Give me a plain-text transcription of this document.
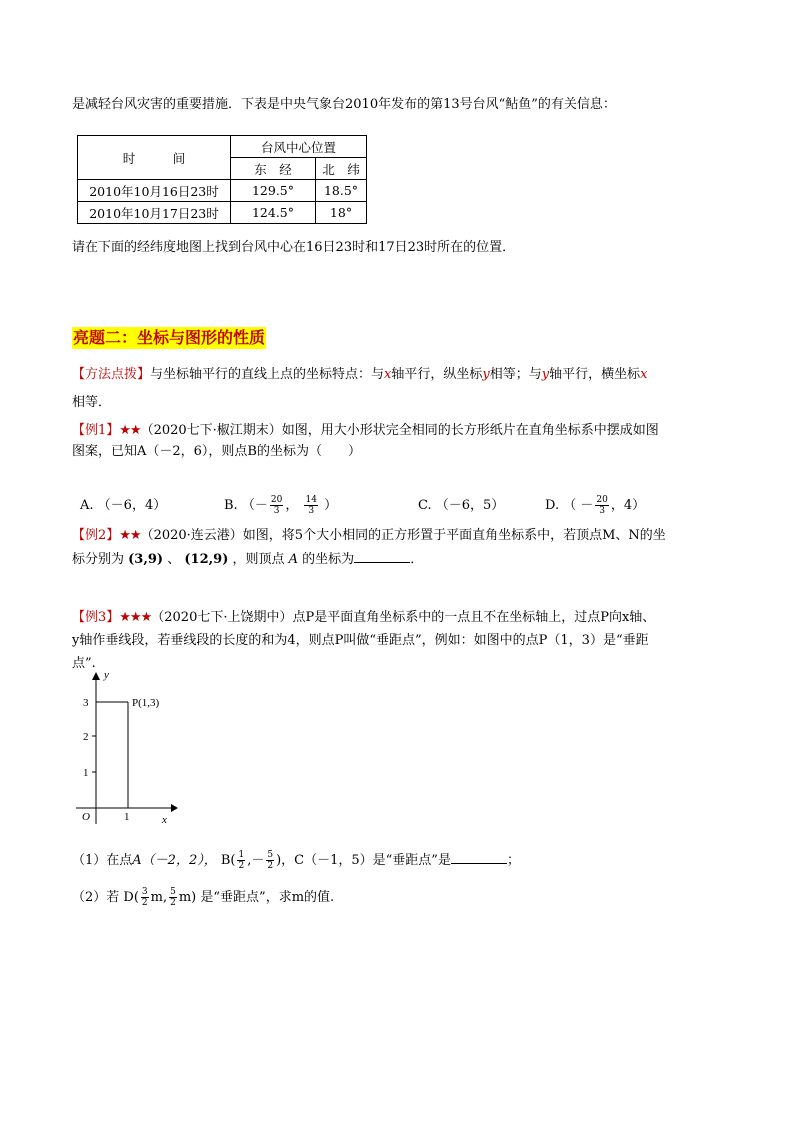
是减轻台风灾害的重要措施．下表是中央气象台2010年发布的第13号台风“鲇鱼”的有关信息：
时　　　间	台风中心位置	
	东　经	北　纬
2010年10月16日23时	129.5°	18.5°
2010年10月17日23时	124.5°	18°
请在下面的经纬度地图上找到台风中心在16日23时和17日23时所在的位置．
亮题二：坐标与图形的性质
【方法点拨】与坐标轴平行的直线上点的坐标特点：与x轴平行，纵坐标y相等；与y轴平行，横坐标x
相等．
【例1】★★（2020七下·椒江期末）如图，用大小形状完全相同的长方形纸片在直角坐标系中摆成如图
图案，已知A（－2，6），则点B的坐标为（　　）
A. （－6，4）	B. （－ $\frac{20}{3}$ ， $\frac{14}{3}$ ）	C. （－6，5）	D. （ － $\frac{20}{3}$ ，4）
【例2】★★（2020·连云港）如图，将5个大小相同的正方形置于平面直角坐标系中，若顶点M、N的坐
标分别为 (3,9) 、 (12,9) ，则顶点 A 的坐标为	．
【例3】★★★（2020七下·上饶期中）点P是平面直角坐标系中的一点且不在坐标轴上，过点P向x轴、
y轴作垂线段，若垂线段的长度的和为4，则点P叫做“垂距点”，例如：如图中的点P（1，3）是“垂距
点”.
y
x
O
3
2
1
1
P(1,3)
（1）在点A（－2，2）， $B( \frac{1}{2}$ ,－ $\frac{5}{2}$ )，C（－1，5）是“垂距点”是	；
（2）若 $D( \frac{3}{2} m$, $\frac{5}{2} m$) 是“垂距点”，求m的值.
